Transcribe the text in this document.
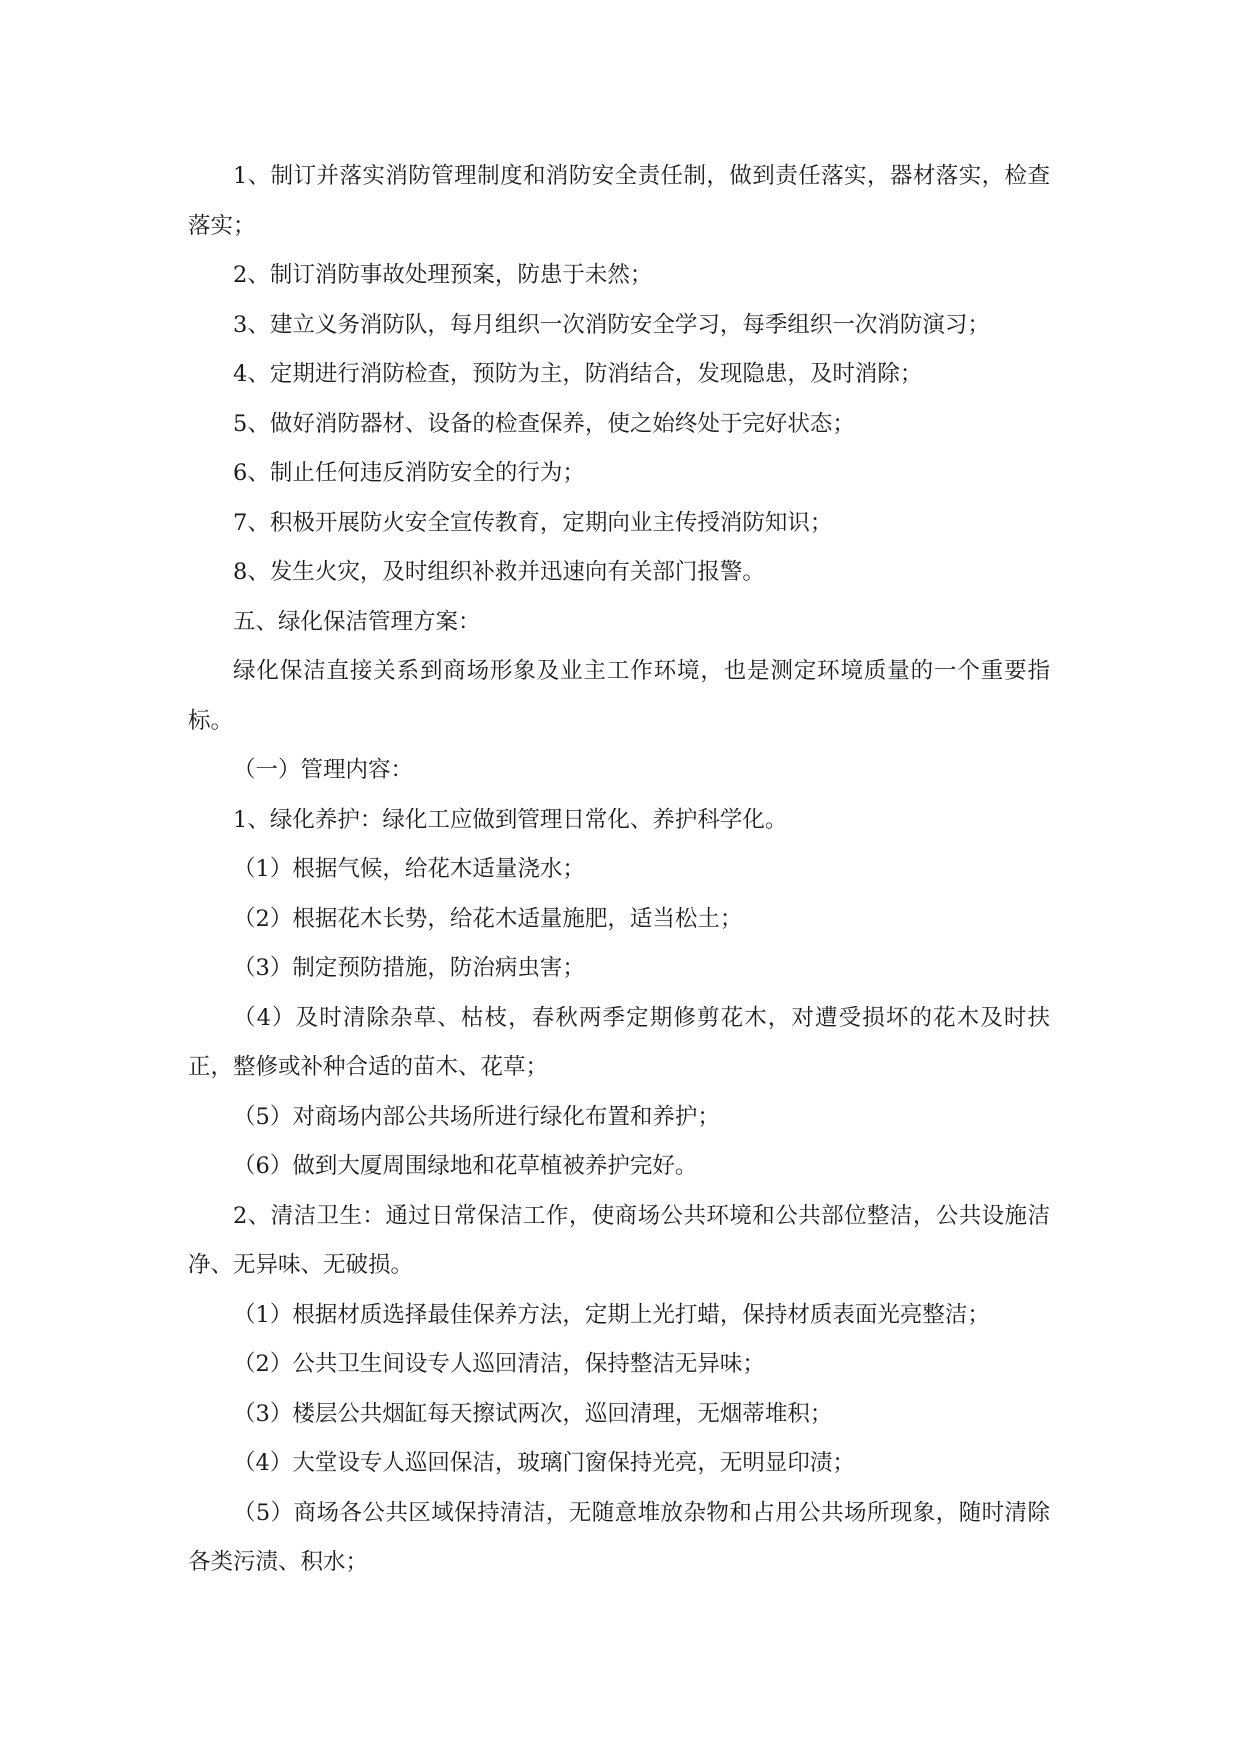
1、制订并落实消防管理制度和消防安全责任制，做到责任落实，器材落实，检查落实；

2、制订消防事故处理预案，防患于未然；

3、建立义务消防队，每月组织一次消防安全学习，每季组织一次消防演习；

4、定期进行消防检查，预防为主，防消结合，发现隐患，及时消除；

5、做好消防器材、设备的检查保养，使之始终处于完好状态；

6、制止任何违反消防安全的行为；

7、积极开展防火安全宣传教育，定期向业主传授消防知识；

8、发生火灾，及时组织补救并迅速向有关部门报警。

五、绿化保洁管理方案：

绿化保洁直接关系到商场形象及业主工作环境，也是测定环境质量的一个重要指标。

（一）管理内容：

1、绿化养护：绿化工应做到管理日常化、养护科学化。

（1）根据气候，给花木适量浇水；

（2）根据花木长势，给花木适量施肥，适当松土；

（3）制定预防措施，防治病虫害；

（4）及时清除杂草、枯枝，春秋两季定期修剪花木，对遭受损坏的花木及时扶正，整修或补种合适的苗木、花草；

（5）对商场内部公共场所进行绿化布置和养护；

（6）做到大厦周围绿地和花草植被养护完好。

2、清洁卫生：通过日常保洁工作，使商场公共环境和公共部位整洁，公共设施洁净、无异味、无破损。

（1）根据材质选择最佳保养方法，定期上光打蜡，保持材质表面光亮整洁；

（2）公共卫生间设专人巡回清洁，保持整洁无异味；

（3）楼层公共烟缸每天擦试两次，巡回清理，无烟蒂堆积；

（4）大堂设专人巡回保洁，玻璃门窗保持光亮，无明显印渍；

（5）商场各公共区域保持清洁，无随意堆放杂物和占用公共场所现象，随时清除各类污渍、积水；
